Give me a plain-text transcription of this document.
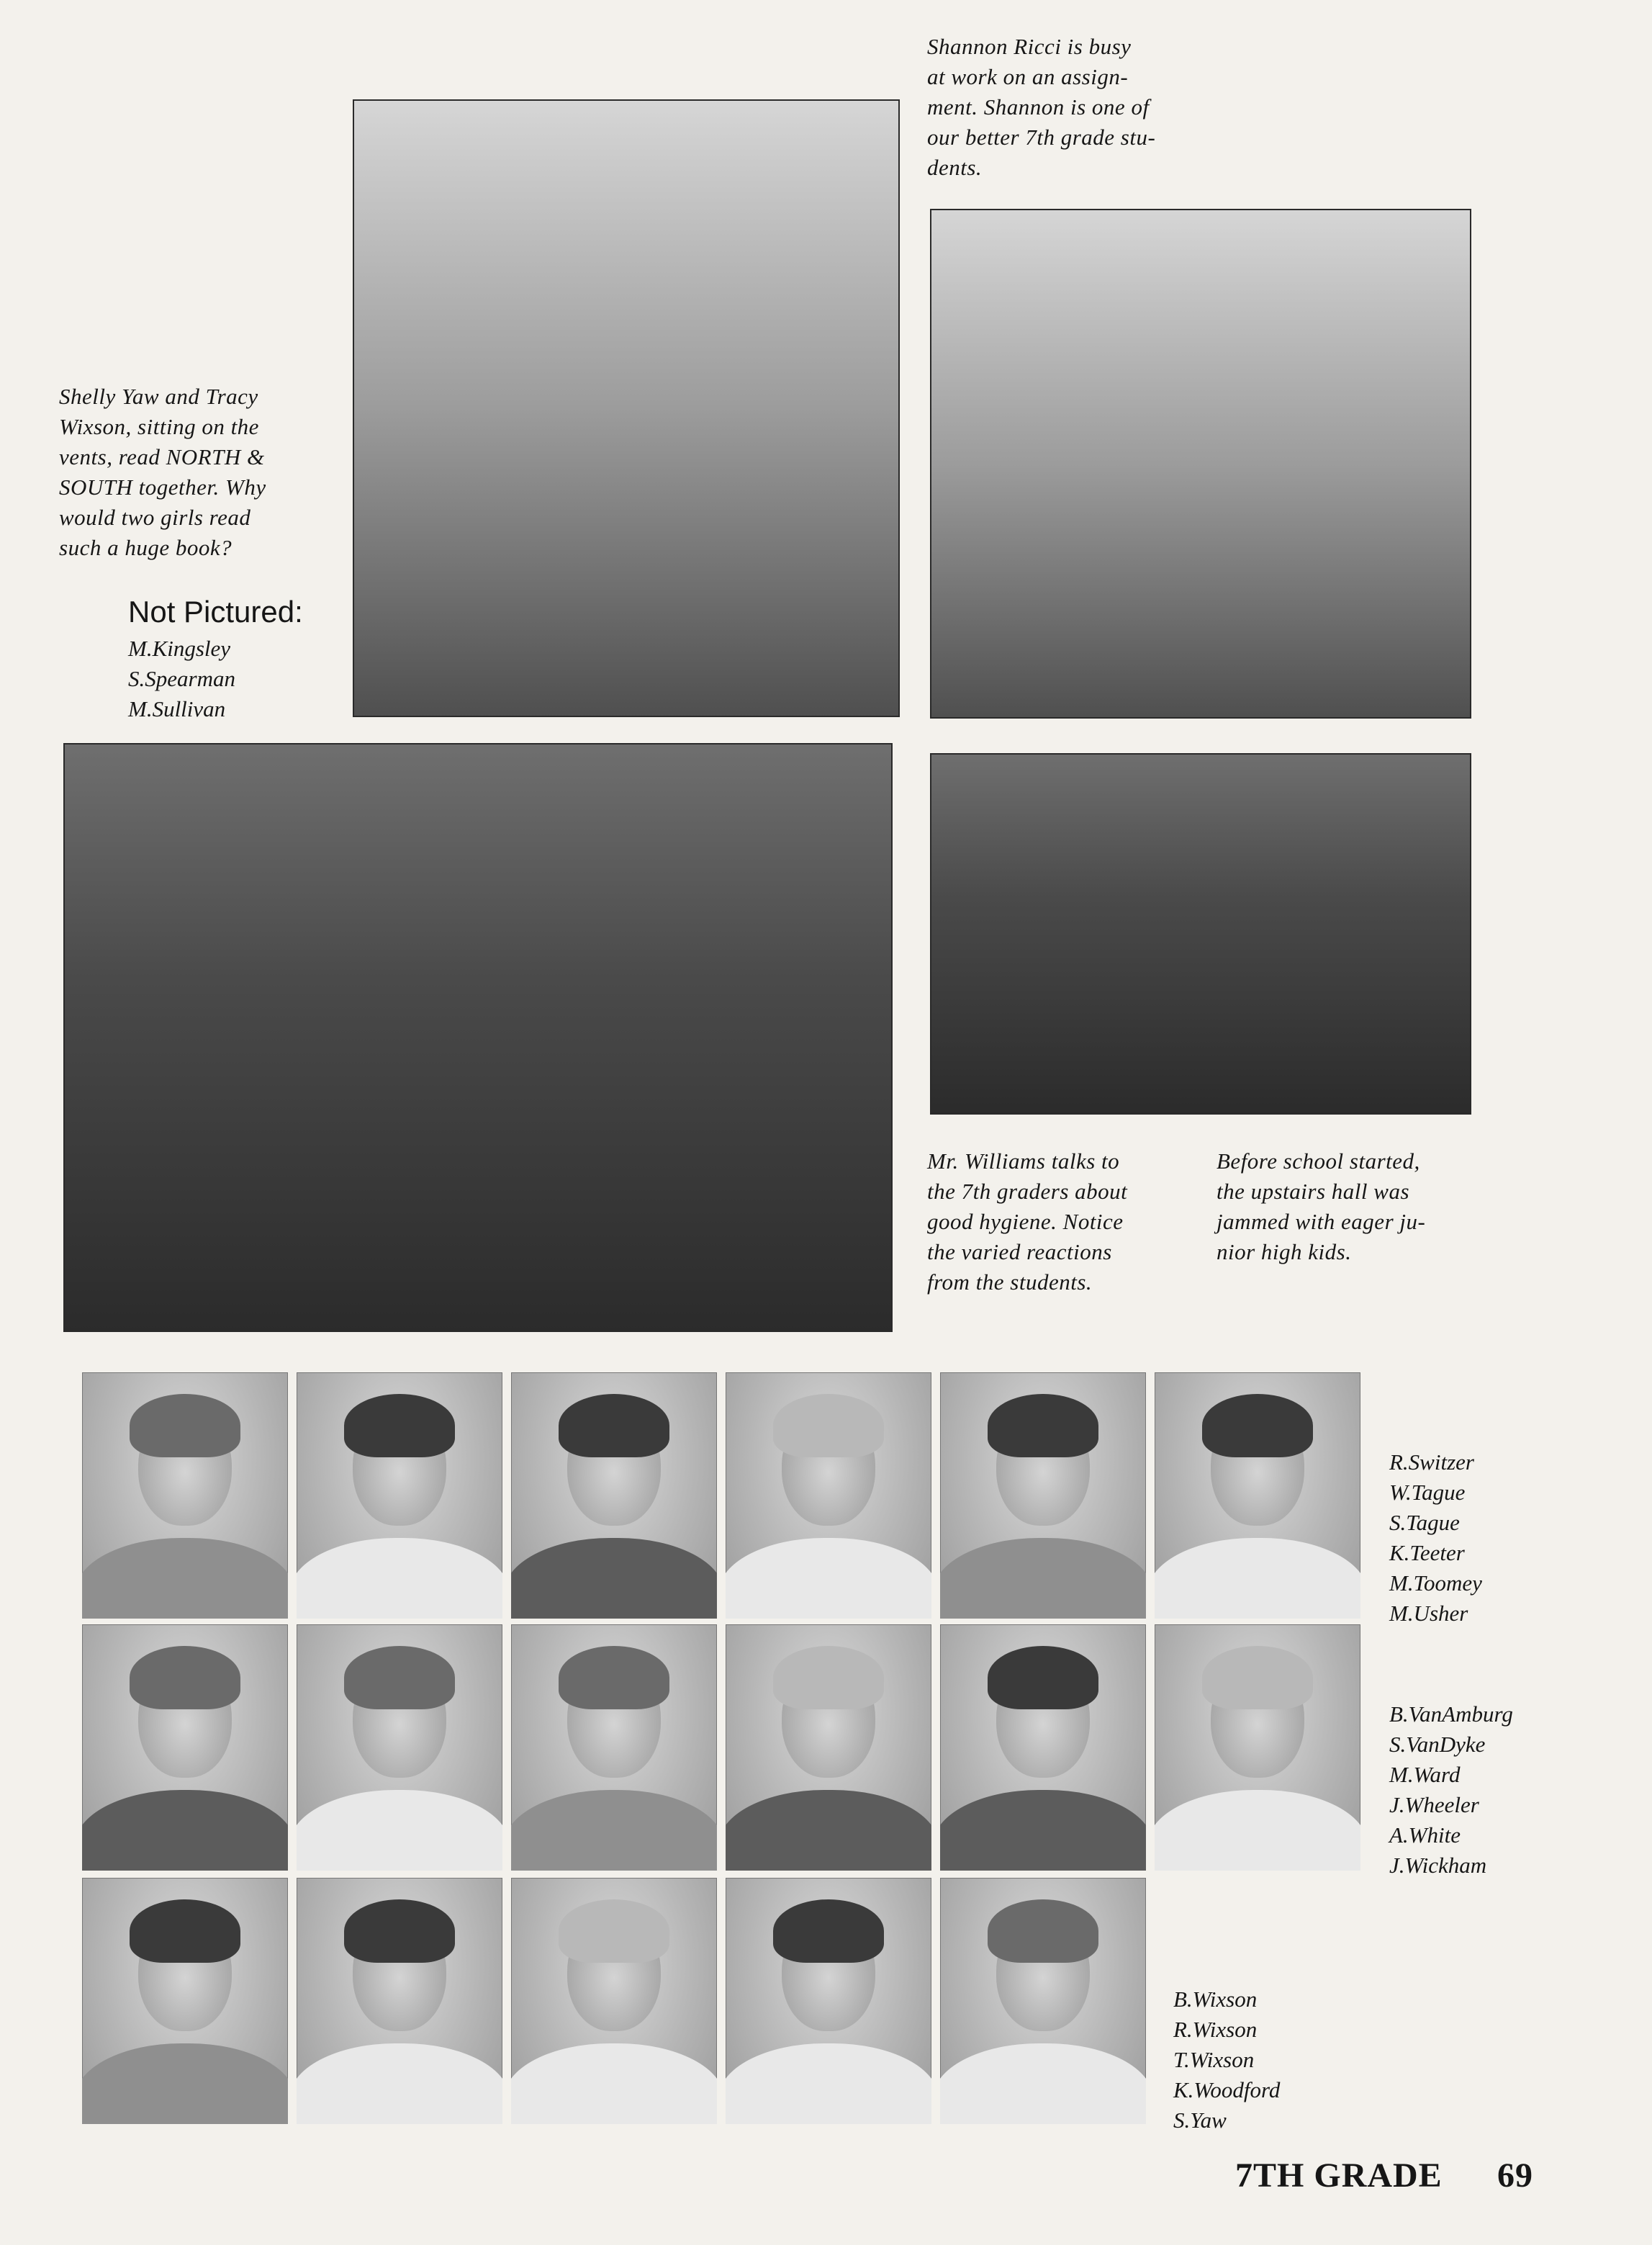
Shannon Ricci is busy
at work on an assign-
ment. Shannon is one of
our better 7th grade stu-
dents.
Shelly Yaw and Tracy
Wixson, sitting on the
vents, read NORTH &
SOUTH together. Why
would two girls read
such a huge book?
Mr. Williams talks to
the 7th graders about
good hygiene. Notice
the varied reactions
from the students.
Before school started,
the upstairs hall was
jammed with eager ju-
nior high kids.
Not Pictured:
M.Kingsley
S.Spearman
M.Sullivan
R.Switzer
W.Tague
S.Tague
K.Teeter
M.Toomey
M.Usher
B.VanAmburg
S.VanDyke
M.Ward
J.Wheeler
A.White
J.Wickham
B.Wixson
R.Wixson
T.Wixson
K.Woodford
S.Yaw
7TH GRADE 69
